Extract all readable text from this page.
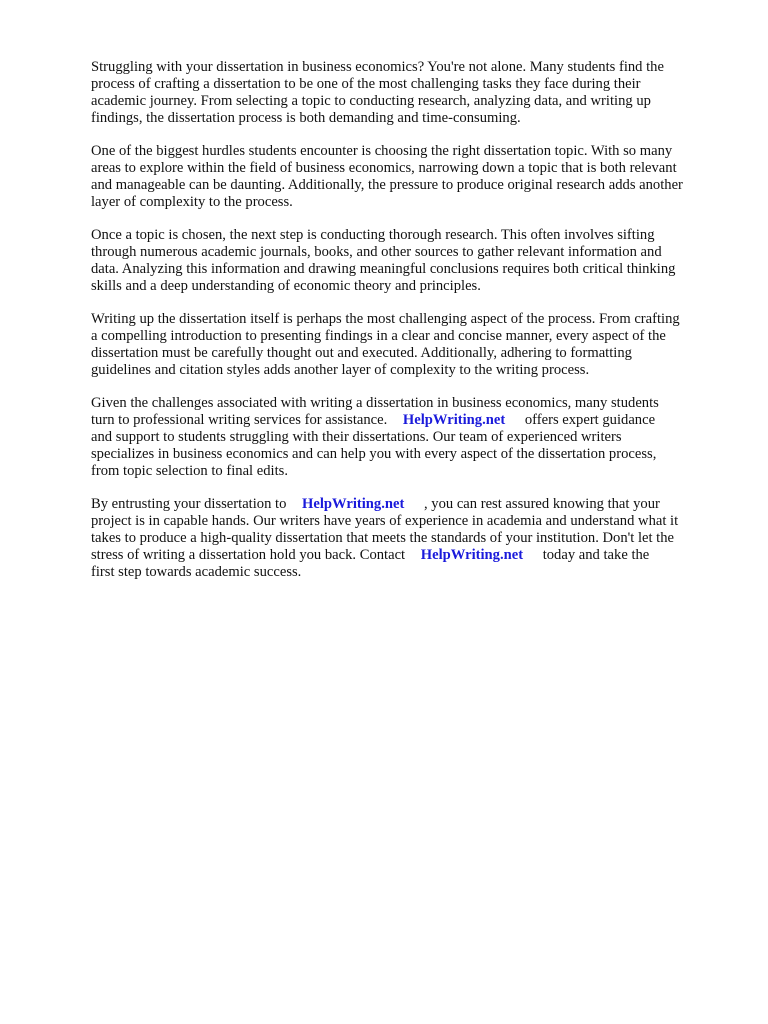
Struggling with your dissertation in business economics? You're not alone. Many students find the
process of crafting a dissertation to be one of the most challenging tasks they face during their
academic journey. From selecting a topic to conducting research, analyzing data, and writing up
findings, the dissertation process is both demanding and time-consuming.

One of the biggest hurdles students encounter is choosing the right dissertation topic. With so many
areas to explore within the field of business economics, narrowing down a topic that is both relevant
and manageable can be daunting. Additionally, the pressure to produce original research adds another
layer of complexity to the process.

Once a topic is chosen, the next step is conducting thorough research. This often involves sifting
through numerous academic journals, books, and other sources to gather relevant information and
data. Analyzing this information and drawing meaningful conclusions requires both critical thinking
skills and a deep understanding of economic theory and principles.

Writing up the dissertation itself is perhaps the most challenging aspect of the process. From crafting
a compelling introduction to presenting findings in a clear and concise manner, every aspect of the
dissertation must be carefully thought out and executed. Additionally, adhering to formatting
guidelines and citation styles adds another layer of complexity to the writing process.

Given the challenges associated with writing a dissertation in business economics, many students
turn to professional writing services for assistance. HelpWriting.net offers expert guidance
and support to students struggling with their dissertations. Our team of experienced writers
specializes in business economics and can help you with every aspect of the dissertation process,
from topic selection to final edits.

By entrusting your dissertation to HelpWriting.net , you can rest assured knowing that your
project is in capable hands. Our writers have years of experience in academia and understand what it
takes to produce a high-quality dissertation that meets the standards of your institution. Don't let the
stress of writing a dissertation hold you back. Contact HelpWriting.net today and take the
first step towards academic success.
